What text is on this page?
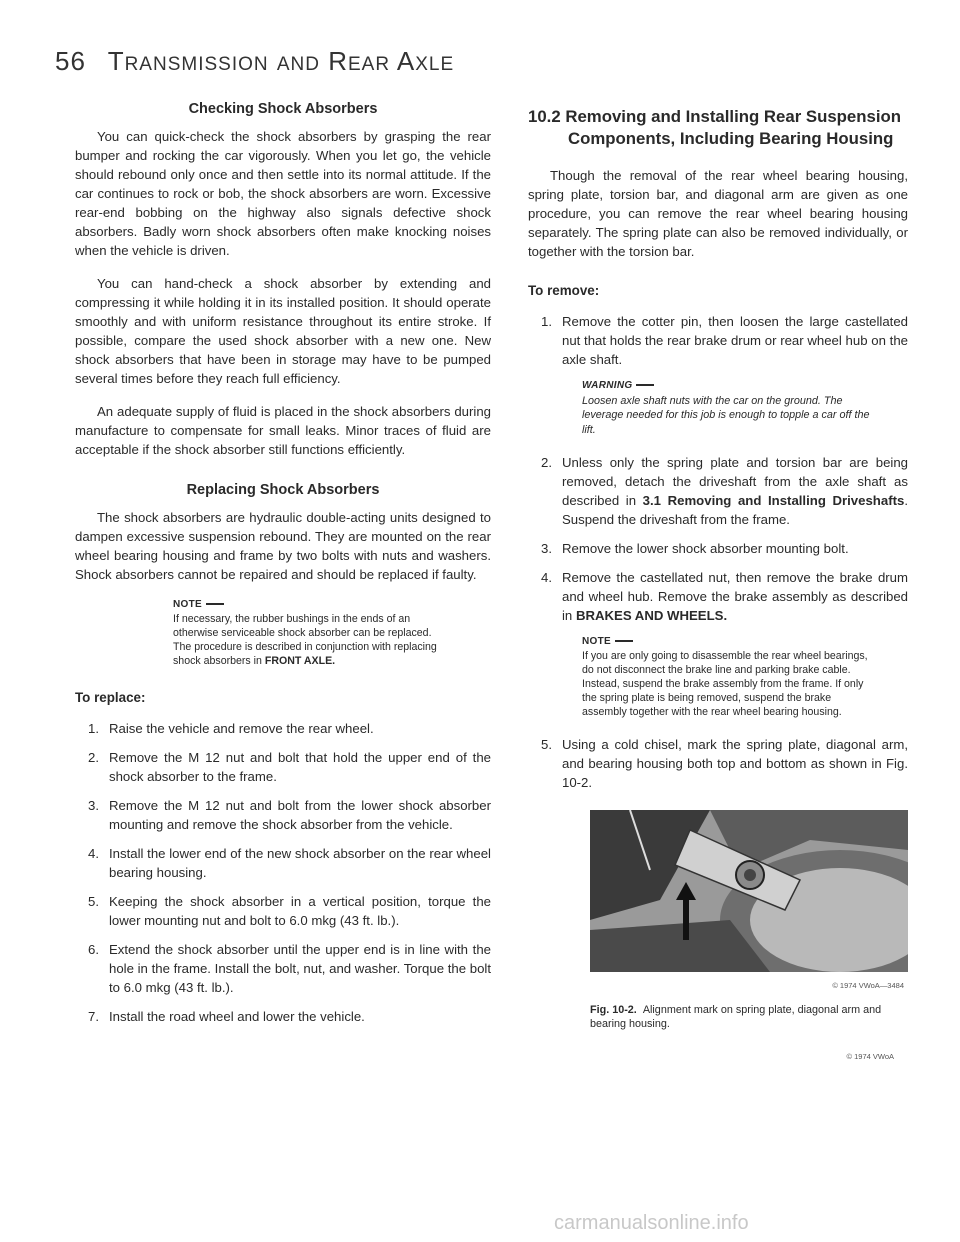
56 TRANSMISSION AND REAR AXLE
Checking Shock Absorbers

You can quick-check the shock absorbers by grasping the rear bumper and rocking the car vigorously. When you let go, the vehicle should rebound only once and then settle into its normal attitude. If the car continues to rock or bob, the shock absorbers are worn. Excessive rear-end bobbing on the highway also signals defective shock absorbers. Badly worn shock absorbers often make knocking noises when the vehicle is driven.

You can hand-check a shock absorber by extending and compressing it while holding it in its installed position. It should operate smoothly and with uniform resistance throughout its entire stroke. If possible, compare the used shock absorber with a new one. New shock absorbers that have been in storage may have to be pumped several times before they reach full efficiency.

An adequate supply of fluid is placed in the shock absorbers during manufacture to compensate for small leaks. Minor traces of fluid are acceptable if the shock absorber still functions efficiently.

Replacing Shock Absorbers

The shock absorbers are hydraulic double-acting units designed to dampen excessive suspension rebound. They are mounted on the rear wheel bearing housing and frame by two bolts with nuts and washers. Shock absorbers cannot be repaired and should be replaced if faulty.

NOTE
If necessary, the rubber bushings in the ends of an otherwise serviceable shock absorber can be replaced. The procedure is described in conjunction with replacing shock absorbers in FRONT AXLE.
To replace:
1. Raise the vehicle and remove the rear wheel.
2. Remove the M 12 nut and bolt that hold the upper end of the shock absorber to the frame.
3. Remove the M 12 nut and bolt from the lower shock absorber mounting and remove the shock absorber from the vehicle.
4. Install the lower end of the new shock absorber on the rear wheel bearing housing.
5. Keeping the shock absorber in a vertical position, torque the lower mounting nut and bolt to 6.0 mkg (43 ft. lb.).
6. Extend the shock absorber until the upper end is in line with the hole in the frame. Install the bolt, nut, and washer. Torque the bolt to 6.0 mkg (43 ft. lb.).
7. Install the road wheel and lower the vehicle.
10.2 Removing and Installing Rear Suspension
Components, Including Bearing Housing

Though the removal of the rear wheel bearing housing, spring plate, torsion bar, and diagonal arm are given as one procedure, you can remove the rear wheel bearing housing separately. The spring plate can also be removed individually, or together with the torsion bar.

To remove:
1. Remove the cotter pin, then loosen the large castellated nut that holds the rear brake drum or rear wheel hub on the axle shaft.
WARNING
Loosen axle shaft nuts with the car on the ground. The leverage needed for this job is enough to topple a car off the lift.
2. Unless only the spring plate and torsion bar are being removed, detach the driveshaft from the axle shaft as described in 3.1 Removing and Installing Driveshafts. Suspend the driveshaft from the frame.
3. Remove the lower shock absorber mounting bolt.
4. Remove the castellated nut, then remove the brake drum and wheel hub. Remove the brake assembly as described in BRAKES AND WHEELS.
NOTE
If you are only going to disassemble the rear wheel bearings, do not disconnect the brake line and parking brake cable. Instead, suspend the brake assembly from the frame. If only the spring plate is being removed, suspend the brake assembly together with the rear wheel bearing housing.
5. Using a cold chisel, mark the spring plate, diagonal arm, and bearing housing both top and bottom as shown in Fig. 10-2.
© 1974 VWoA—3484
Fig. 10-2. Alignment mark on spring plate, diagonal arm and bearing housing.
© 1974 VWoA
carmanualsonline.info
